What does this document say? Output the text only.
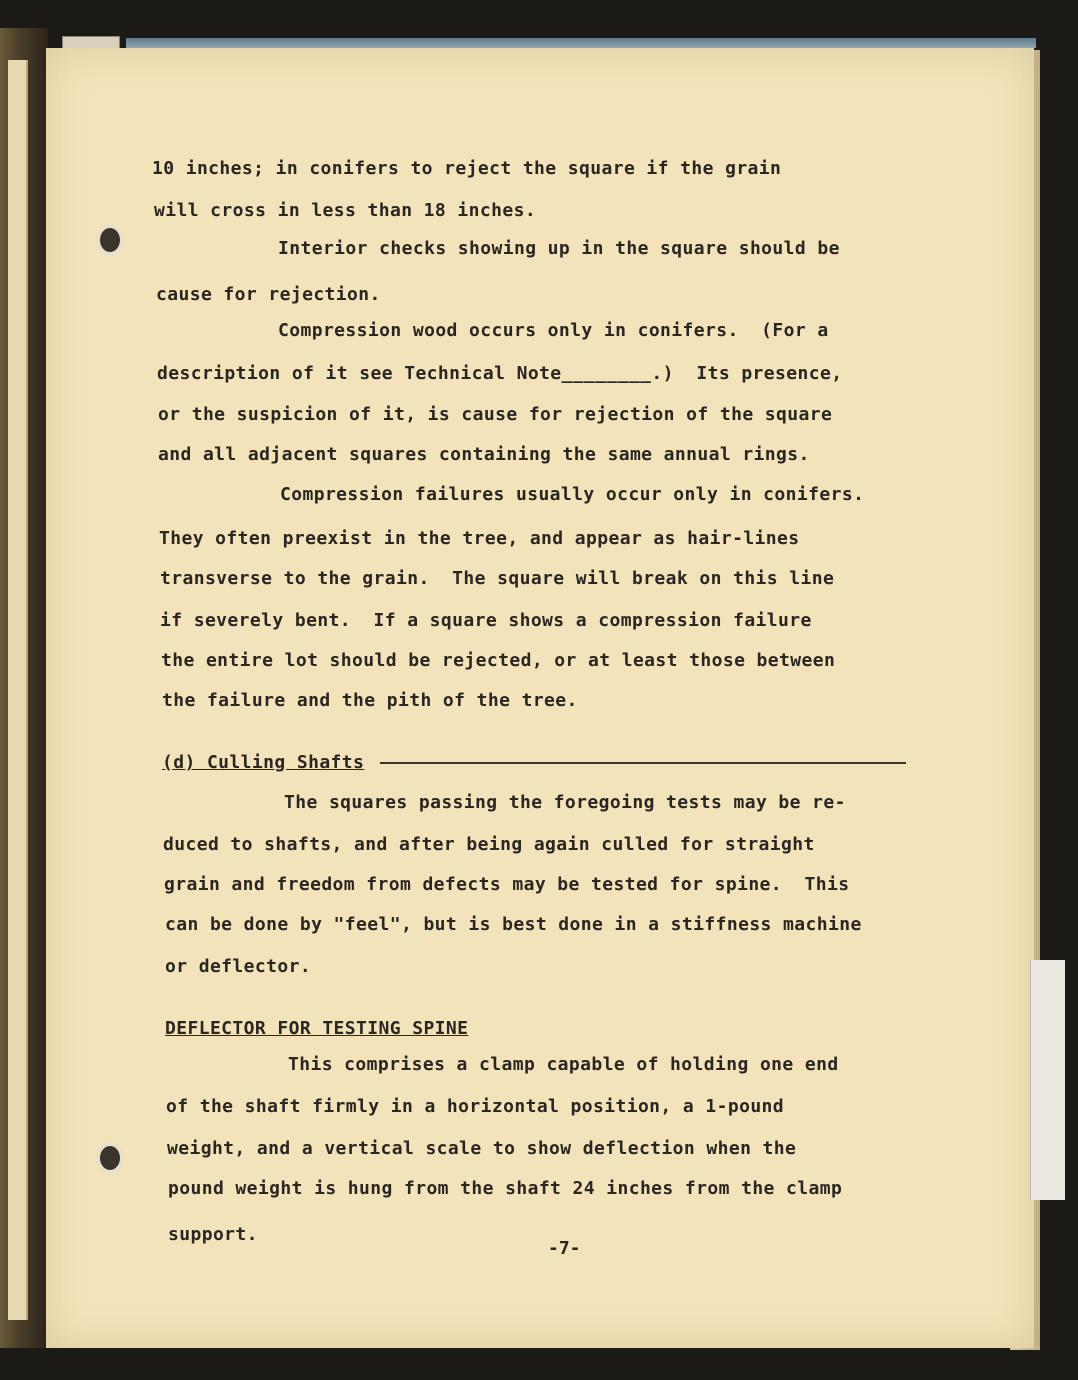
10 inches; in conifers to reject the square if the grain

will cross in less than 18 inches.

Interior checks showing up in the square should be

cause for rejection.

Compression wood occurs only in conifers.  (For a

description of it see Technical Note________.)  Its presence,

or the suspicion of it, is cause for rejection of the square

and all adjacent squares containing the same annual rings.

Compression failures usually occur only in conifers.

They often preexist in the tree, and appear as hair-lines

transverse to the grain.  The square will break on this line

if severely bent.  If a square shows a compression failure

the entire lot should be rejected, or at least those between

the failure and the pith of the tree.

(d) Culling Shafts

The squares passing the foregoing tests may be re-

duced to shafts, and after being again culled for straight

grain and freedom from defects may be tested for spine.  This

can be done by "feel", but is best done in a stiffness machine

or deflector.

DEFLECTOR FOR TESTING SPINE

This comprises a clamp capable of holding one end

of the shaft firmly in a horizontal position, a 1-pound

weight, and a vertical scale to show deflection when the

pound weight is hung from the shaft 24 inches from the clamp

support.

-7-
